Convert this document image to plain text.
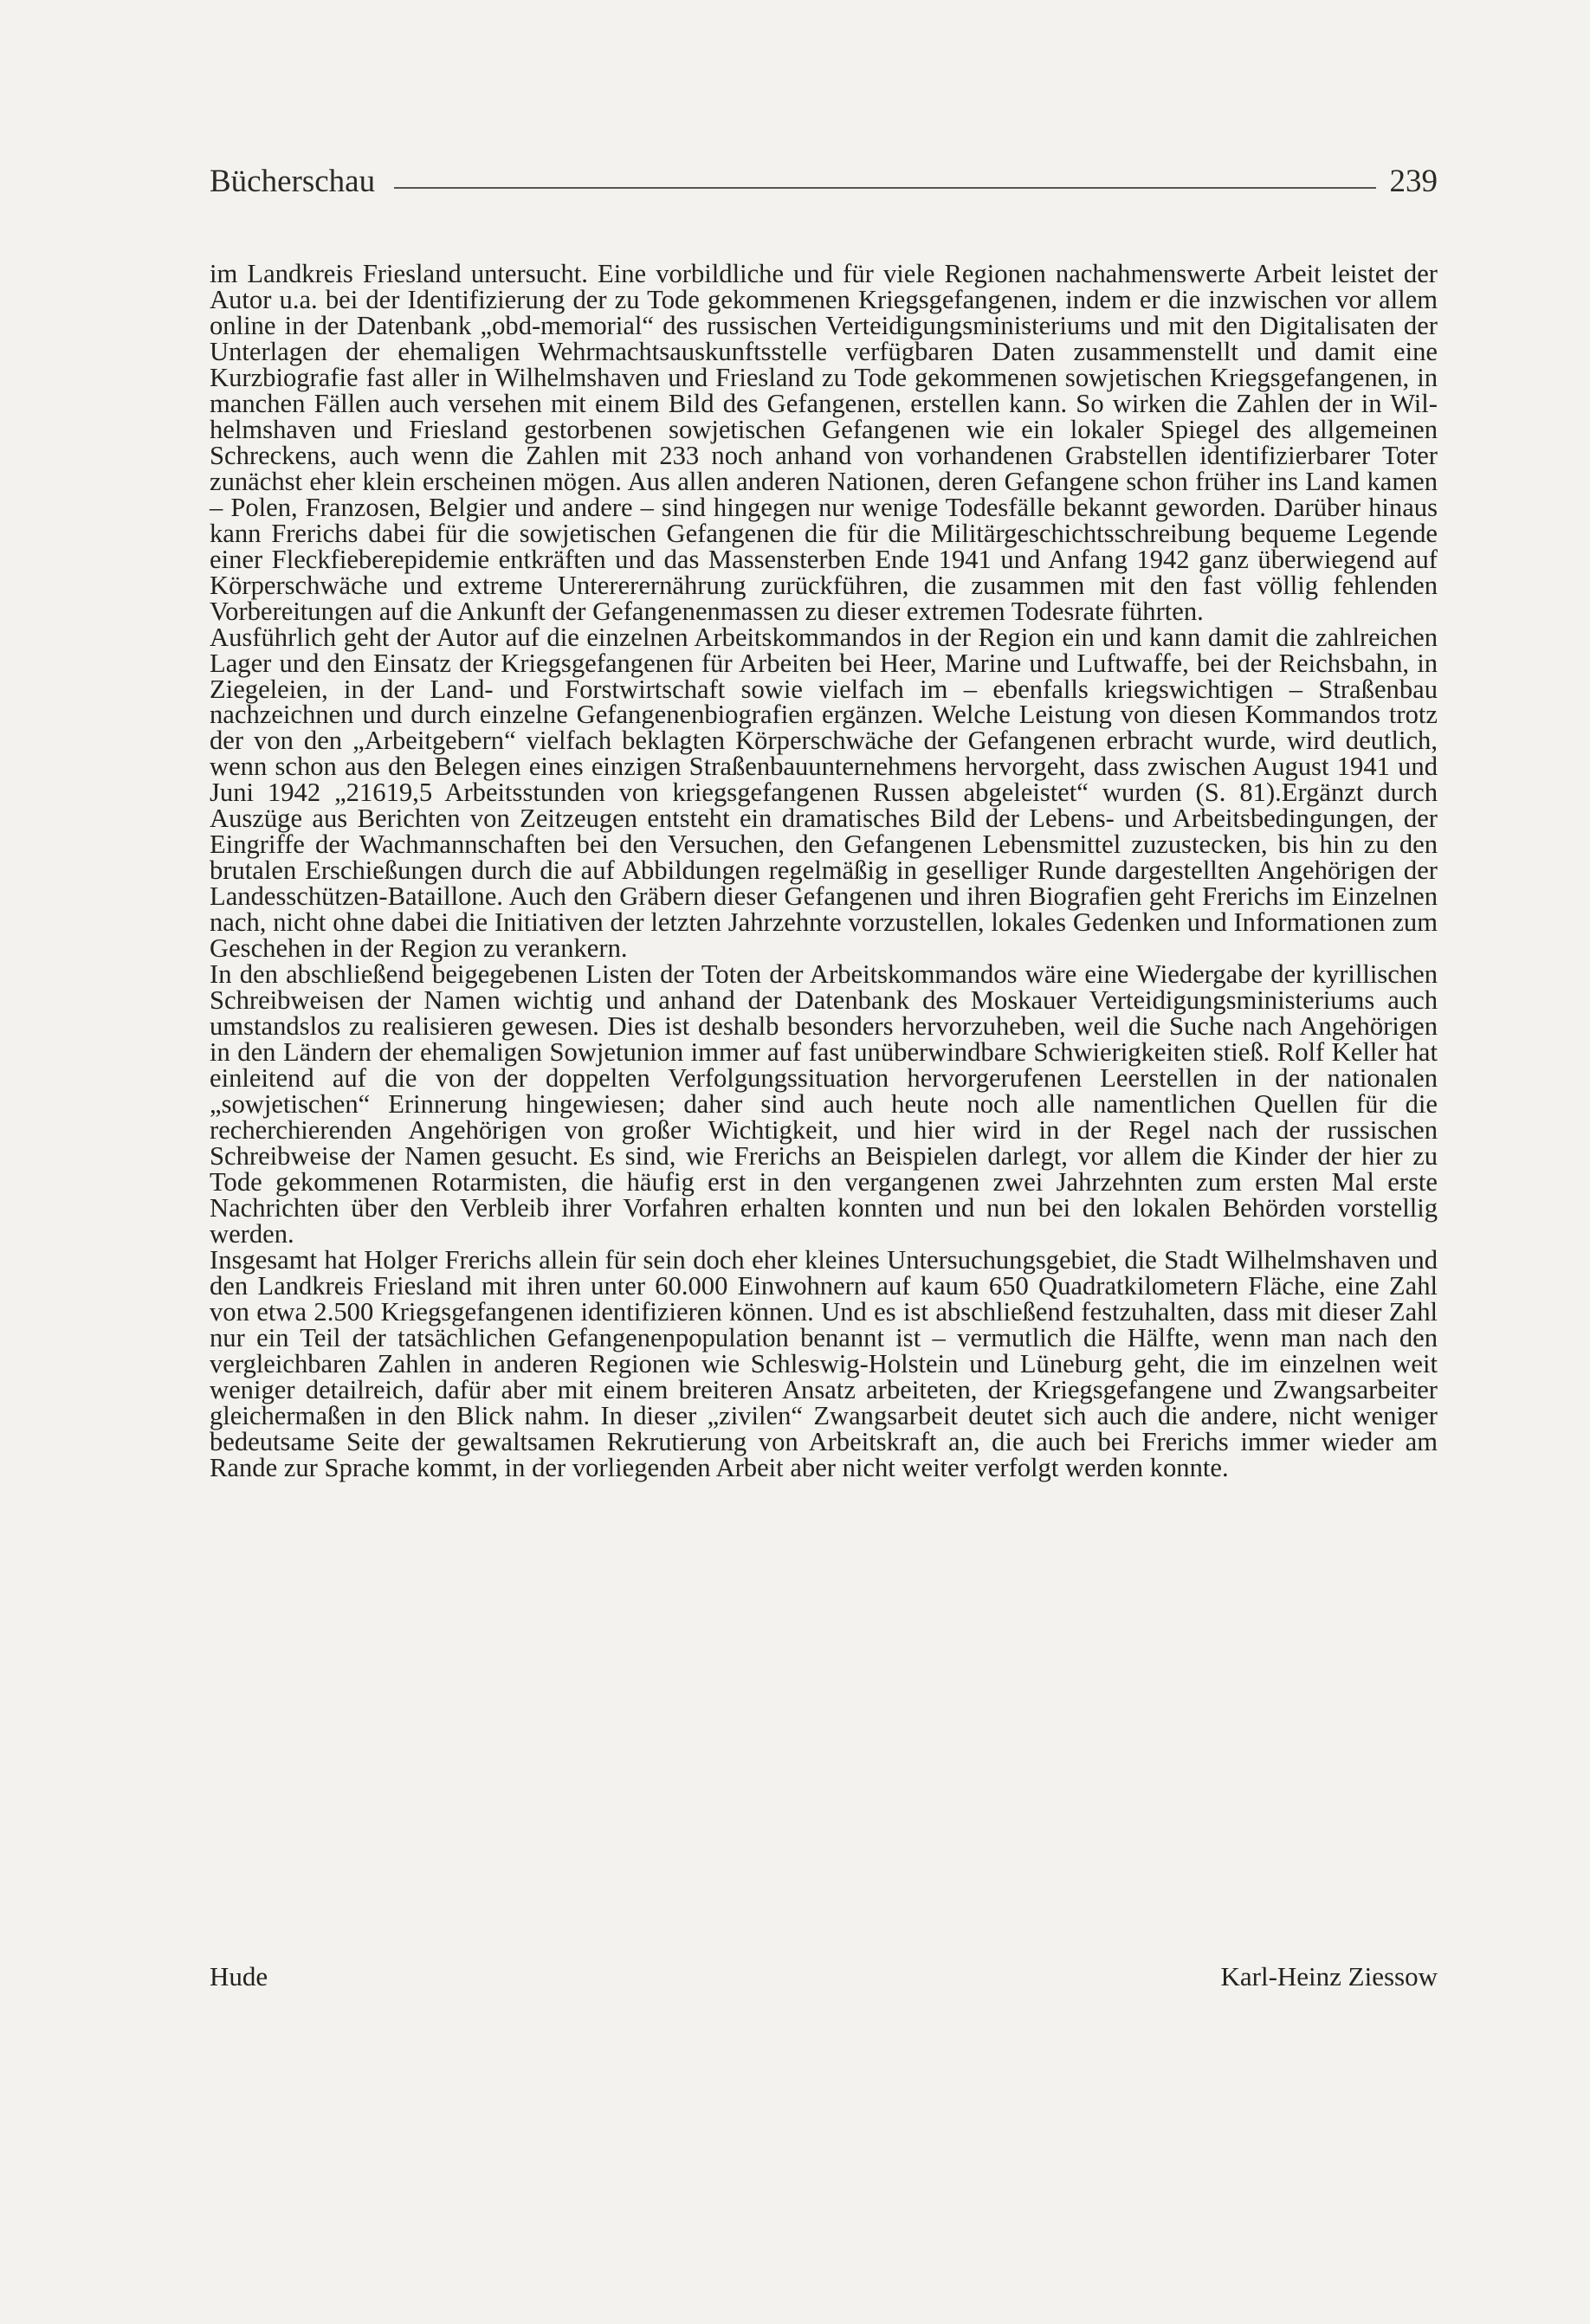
Bücherschau	239

im Landkreis Friesland untersucht. Eine vorbildliche und für viele Regionen nachahmenswerte Arbeit leistet der Autor u.a. bei der Identifizierung der zu Tode gekommenen Kriegsgefangenen, indem er die inzwischen vor allem online in der Datenbank „obd-memorial“ des russischen Verteidigungsministeriums und mit den Digitalisaten der Unterlagen der ehemaligen Wehrmachtsauskunftsstelle verfügbaren Daten zusammenstellt und damit eine Kurzbiografie fast aller in Wilhelmshaven und Friesland zu Tode gekommenen sowjetischen Kriegsgefangenen, in manchen Fällen auch versehen mit einem Bild des Gefangenen, erstellen kann. So wirken die Zahlen der in Wilhelmshaven und Friesland gestorbenen sowjetischen Gefangenen wie ein lokaler Spiegel des allgemeinen Schreckens, auch wenn die Zahlen mit 233 noch anhand von vorhandenen Grabstellen identifizierbarer Toter zunächst eher klein erscheinen mögen. Aus allen anderen Nationen, deren Gefangene schon früher ins Land kamen – Polen, Franzosen, Belgier und andere – sind hingegen nur wenige Todesfälle bekannt geworden. Darüber hinaus kann Frerichs dabei für die sowjetischen Gefangenen die für die Militärgeschichtsschreibung bequeme Legende einer Fleckfieberepidemie entkräften und das Massensterben Ende 1941 und Anfang 1942 ganz überwiegend auf Körperschwäche und extreme Untererernährung zurückführen, die zusammen mit den fast völlig fehlenden Vorbereitungen auf die Ankunft der Gefangenenmassen zu dieser extremen Todesrate führten.

Ausführlich geht der Autor auf die einzelnen Arbeitskommandos in der Region ein und kann damit die zahlreichen Lager und den Einsatz der Kriegsgefangenen für Arbeiten bei Heer, Marine und Luftwaffe, bei der Reichsbahn, in Ziegeleien, in der Land- und Forstwirtschaft sowie vielfach im – ebenfalls kriegswichtigen – Straßenbau nachzeichnen und durch einzelne Gefangenenbiografien ergänzen. Welche Leistung von diesen Kommandos trotz der von den „Arbeitgebern“ vielfach beklagten Körperschwäche der Gefangenen erbracht wurde, wird deutlich, wenn schon aus den Belegen eines einzigen Straßenbauunternehmens hervorgeht, dass zwischen August 1941 und Juni 1942 „21619,5 Arbeitsstunden von kriegsgefangenen Russen abgeleistet“ wurden (S. 81).Ergänzt durch Auszüge aus Berichten von Zeitzeugen entsteht ein dramatisches Bild der Lebens- und Arbeitsbedingungen, der Eingriffe der Wachmannschaften bei den Versuchen, den Gefangenen Lebensmittel zuzustecken, bis hin zu den brutalen Erschießungen durch die auf Abbildungen regelmäßig in geselliger Runde dargestellten Angehörigen der Landesschützen-Bataillone. Auch den Gräbern dieser Gefangenen und ihren Biografien geht Frerichs im Einzelnen nach, nicht ohne dabei die Initiativen der letzten Jahrzehnte vorzustellen, lokales Gedenken und Informationen zum Geschehen in der Region zu verankern.

In den abschließend beigegebenen Listen der Toten der Arbeitskommandos wäre eine Wiedergabe der kyrillischen Schreibweisen der Namen wichtig und anhand der Datenbank des Moskauer Verteidigungsministeriums auch umstandslos zu realisieren gewesen. Dies ist deshalb besonders hervorzuheben, weil die Suche nach Angehörigen in den Ländern der ehemaligen Sowjetunion immer auf fast unüberwindbare Schwierigkeiten stieß. Rolf Keller hat einleitend auf die von der doppelten Verfolgungssituation hervorgerufenen Leerstellen in der nationalen „sowjetischen“ Erinnerung hingewiesen; daher sind auch heute noch alle namentlichen Quellen für die recherchierenden Angehörigen von großer Wichtigkeit, und hier wird in der Regel nach der russischen Schreibweise der Namen gesucht. Es sind, wie Frerichs an Beispielen darlegt, vor allem die Kinder der hier zu Tode gekommenen Rotarmisten, die häufig erst in den vergangenen zwei Jahrzehnten zum ersten Mal erste Nachrichten über den Verbleib ihrer Vorfahren erhalten konnten und nun bei den lokalen Behörden vorstellig werden.

Insgesamt hat Holger Frerichs allein für sein doch eher kleines Untersuchungsgebiet, die Stadt Wilhelmshaven und den Landkreis Friesland mit ihren unter 60.000 Einwohnern auf kaum 650 Quadratkilometern Fläche, eine Zahl von etwa 2.500 Kriegsgefangenen identifizieren können. Und es ist abschließend festzuhalten, dass mit dieser Zahl nur ein Teil der tatsächlichen Gefangenenpopulation benannt ist – vermutlich die Hälfte, wenn man nach den vergleichbaren Zahlen in anderen Regionen wie Schleswig-Holstein und Lüneburg geht, die im einzelnen weit weniger detailreich, dafür aber mit einem breiteren Ansatz arbeiteten, der Kriegsgefangene und Zwangsarbeiter gleichermaßen in den Blick nahm. In dieser „zivilen“ Zwangsarbeit deutet sich auch die andere, nicht weniger bedeutsame Seite der gewaltsamen Rekrutierung von Arbeitskraft an, die auch bei Frerichs immer wieder am Rande zur Sprache kommt, in der vorliegenden Arbeit aber nicht weiter verfolgt werden konnte.

Hude	Karl-Heinz Ziessow
